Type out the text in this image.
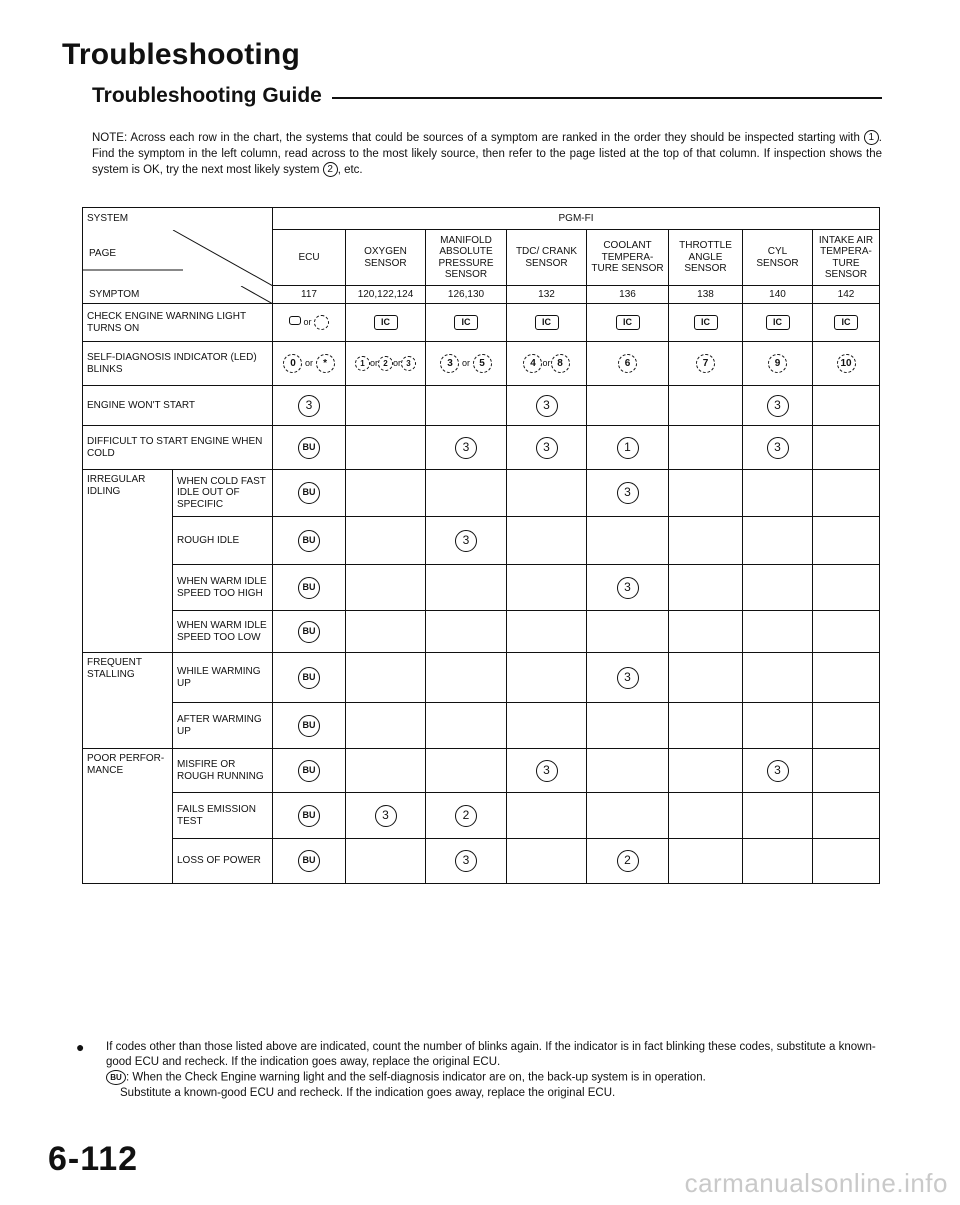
Troubleshooting
Troubleshooting Guide
NOTE: Across each row in the chart, the systems that could be sources of a symptom are ranked in the order they should be inspected starting with 1 . Find the symptom in the left column, read across to the most likely source, then refer to the page listed at the top of that column. If inspection shows the system is OK, try the next most likely system 2 , etc.
SYSTEM		PGM-FI							

PAGE		ECU	OXYGEN SENSOR	MANIFOLD ABSOLUTE PRESSURE SENSOR	TDC/ CRANK SENSOR	COOLANT TEMPERA- TURE SENSOR	THROTTLE ANGLE SENSOR	CYL SENSOR	INTAKE AIR TEMPERA- TURE SENSOR

SYMPTOM		117	120,122,124	126,130	132	136	138	140	142
CHECK ENGINE WARNING LIGHT TURNS ON		or	IC	IC	IC	IC	IC	IC	IC
SELF-DIAGNOSIS INDICATOR (LED) BLINKS		0 or *	1 or 2 or 3	3 or 5	4 or 8	6	7	9	10
ENGINE WON'T START		3			3			3	
DIFFICULT TO START ENGINE WHEN COLD		BU		3	3	1		3	
IRREGULAR IDLING	WHEN COLD FAST IDLE OUT OF SPECIFIC	BU				3			
	ROUGH IDLE	BU		3					
	WHEN WARM IDLE SPEED TOO HIGH	BU				3			
	WHEN WARM IDLE SPEED TOO LOW	BU							
FREQUENT STALLING	WHILE WARMING UP	BU				3			
	AFTER WARMING UP	BU							
POOR PERFOR- MANCE	MISFIRE OR ROUGH RUNNING	BU			3			3	
	FAILS EMISSION TEST	BU	3	2					
	LOSS OF POWER	BU		3		2			
● If codes other than those listed above are indicated, count the number of blinks again. If the indicator is in fact blinking these codes, substitute a known-good ECU and recheck. If the indication goes away, replace the original ECU.

BU : When the Check Engine warning light and the self-diagnosis indicator are on, the back-up system is in operation.

Substitute a known-good ECU and recheck. If the indication goes away, replace the original ECU.

6-112
carmanualsonline.info
